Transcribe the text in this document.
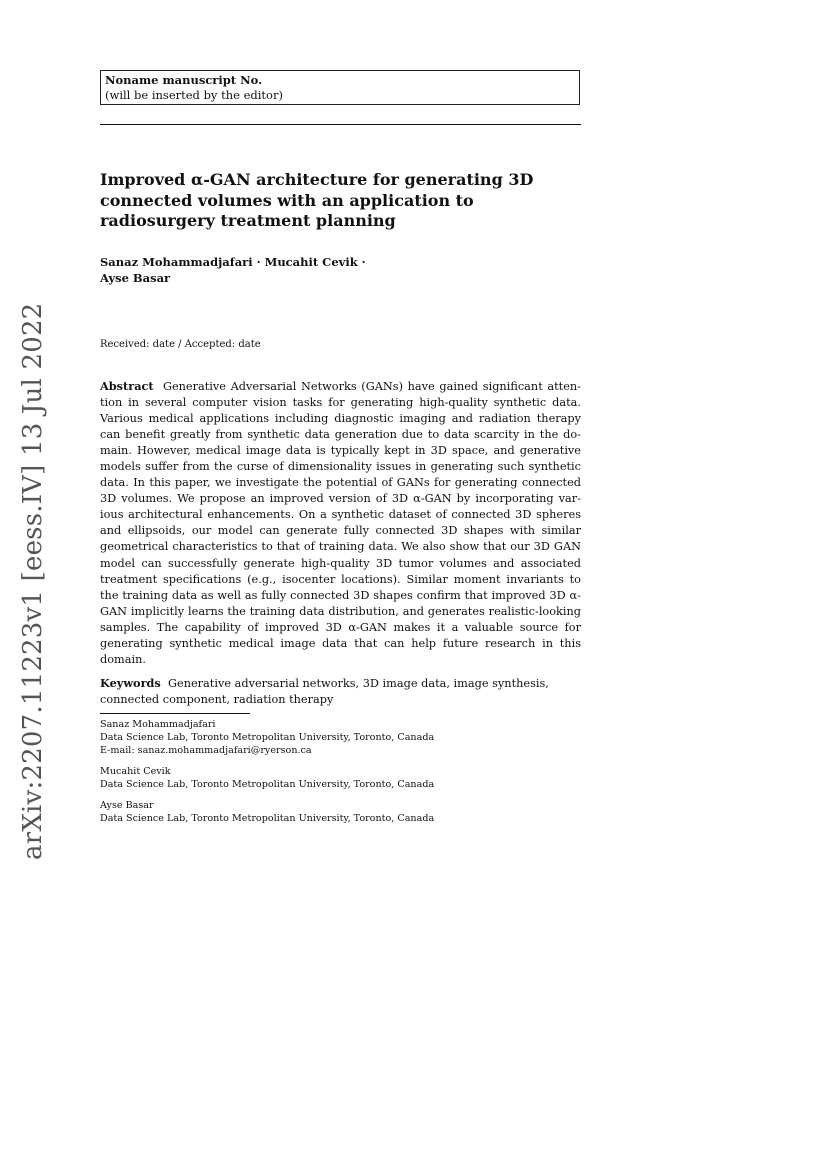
Noname manuscript No.
(will be inserted by the editor)
Improved α-GAN architecture for generating 3D connected volumes with an application to radiosurgery treatment planning
Sanaz Mohammadjafari · Mucahit Cevik ·
Ayse Basar
Received: date / Accepted: date

Abstract Generative Adversarial Networks (GANs) have gained significant attention in several computer vision tasks for generating high-quality synthetic data. Various medical applications including diagnostic imaging and radiation therapy can benefit greatly from synthetic data generation due to data scarcity in the domain. However, medical image data is typically kept in 3D space, and generative models suffer from the curse of dimensionality issues in generating such synthetic data. In this paper, we investigate the potential of GANs for generating connected 3D volumes. We propose an improved version of 3D α-GAN by incorporating various architectural enhancements. On a synthetic dataset of connected 3D spheres and ellipsoids, our model can generate fully connected 3D shapes with similar geometrical characteristics to that of training data. We also show that our 3D GAN model can successfully generate high-quality 3D tumor volumes and associated treatment specifications (e.g., isocenter locations). Similar moment invariants to the training data as well as fully connected 3D shapes confirm that improved 3D α-GAN implicitly learns the training data distribution, and generates realistic-looking samples. The capability of improved 3D α-GAN makes it a valuable source for generating synthetic medical image data that can help future research in this domain.

Keywords Generative adversarial networks, 3D image data, image synthesis, connected component, radiation therapy

Sanaz Mohammadjafari
Data Science Lab, Toronto Metropolitan University, Toronto, Canada
E-mail: sanaz.mohammadjafari@ryerson.ca
Mucahit Cevik
Data Science Lab, Toronto Metropolitan University, Toronto, Canada
Ayse Basar
Data Science Lab, Toronto Metropolitan University, Toronto, Canada
arXiv:2207.11223v1 [eess.IV] 13 Jul 2022
